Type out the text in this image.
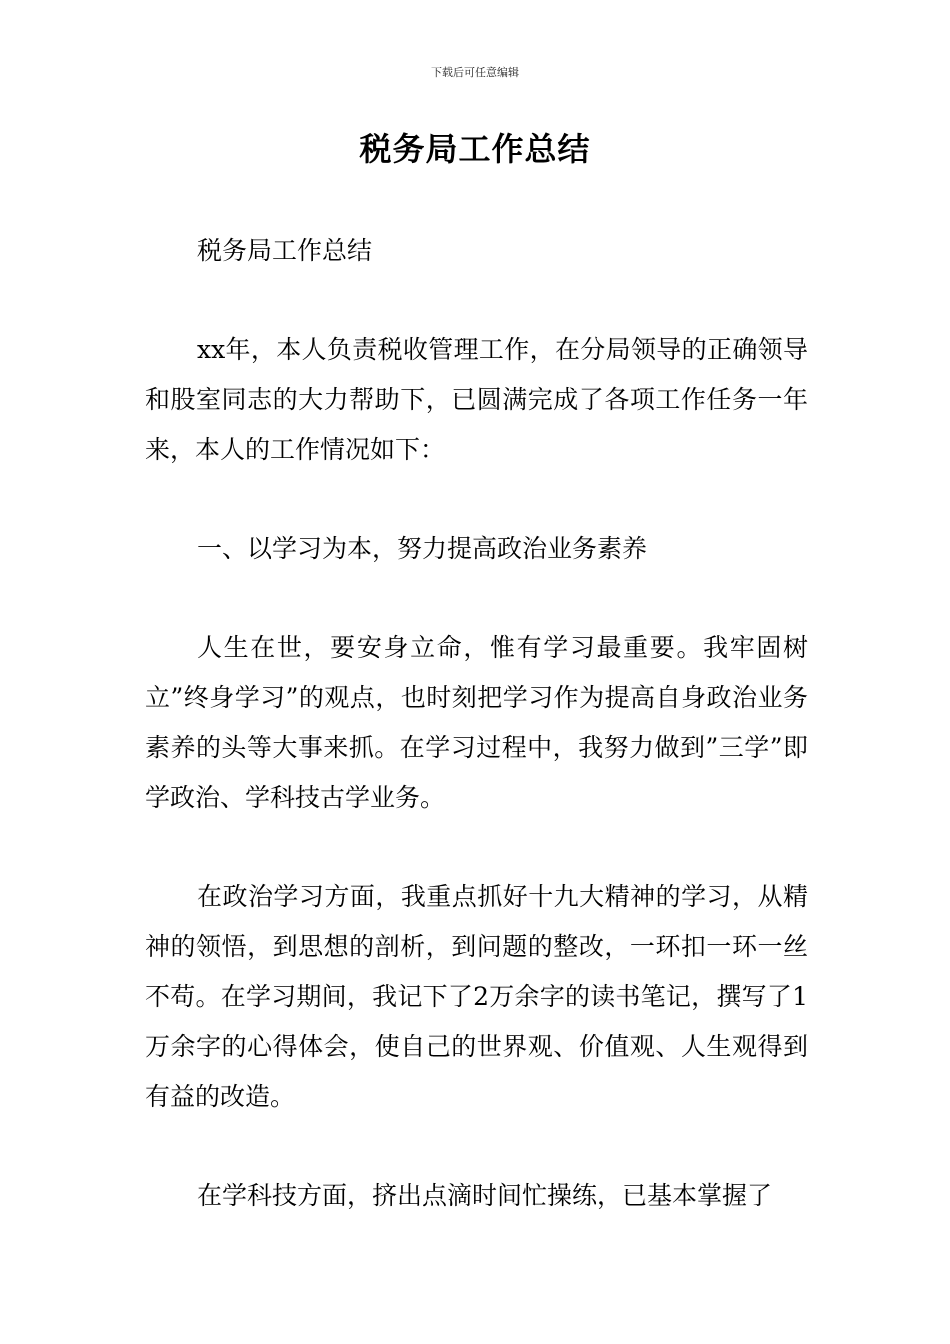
下载后可任意编辑
税务局工作总结

税务局工作总结

xx年，本人负责税收管理工作，在分局领导的正确领导和股室同志的大力帮助下，已圆满完成了各项工作任务一年来，本人的工作情况如下：

一、以学习为本，努力提高政治业务素养

人生在世，要安身立命，惟有学习最重要。我牢固树立”终身学习”的观点，也时刻把学习作为提高自身政治业务素养的头等大事来抓。在学习过程中，我努力做到”三学”即学政治、学科技古学业务。

在政治学习方面，我重点抓好十九大精神的学习，从精神的领悟，到思想的剖析，到问题的整改，一环扣一环一丝不苟。在学习期间，我记下了2万余字的读书笔记，撰写了1万余字的心得体会，使自己的世界观、价值观、人生观得到有益的改造。

在学科技方面，挤出点滴时间忙操练，已基本掌握了
